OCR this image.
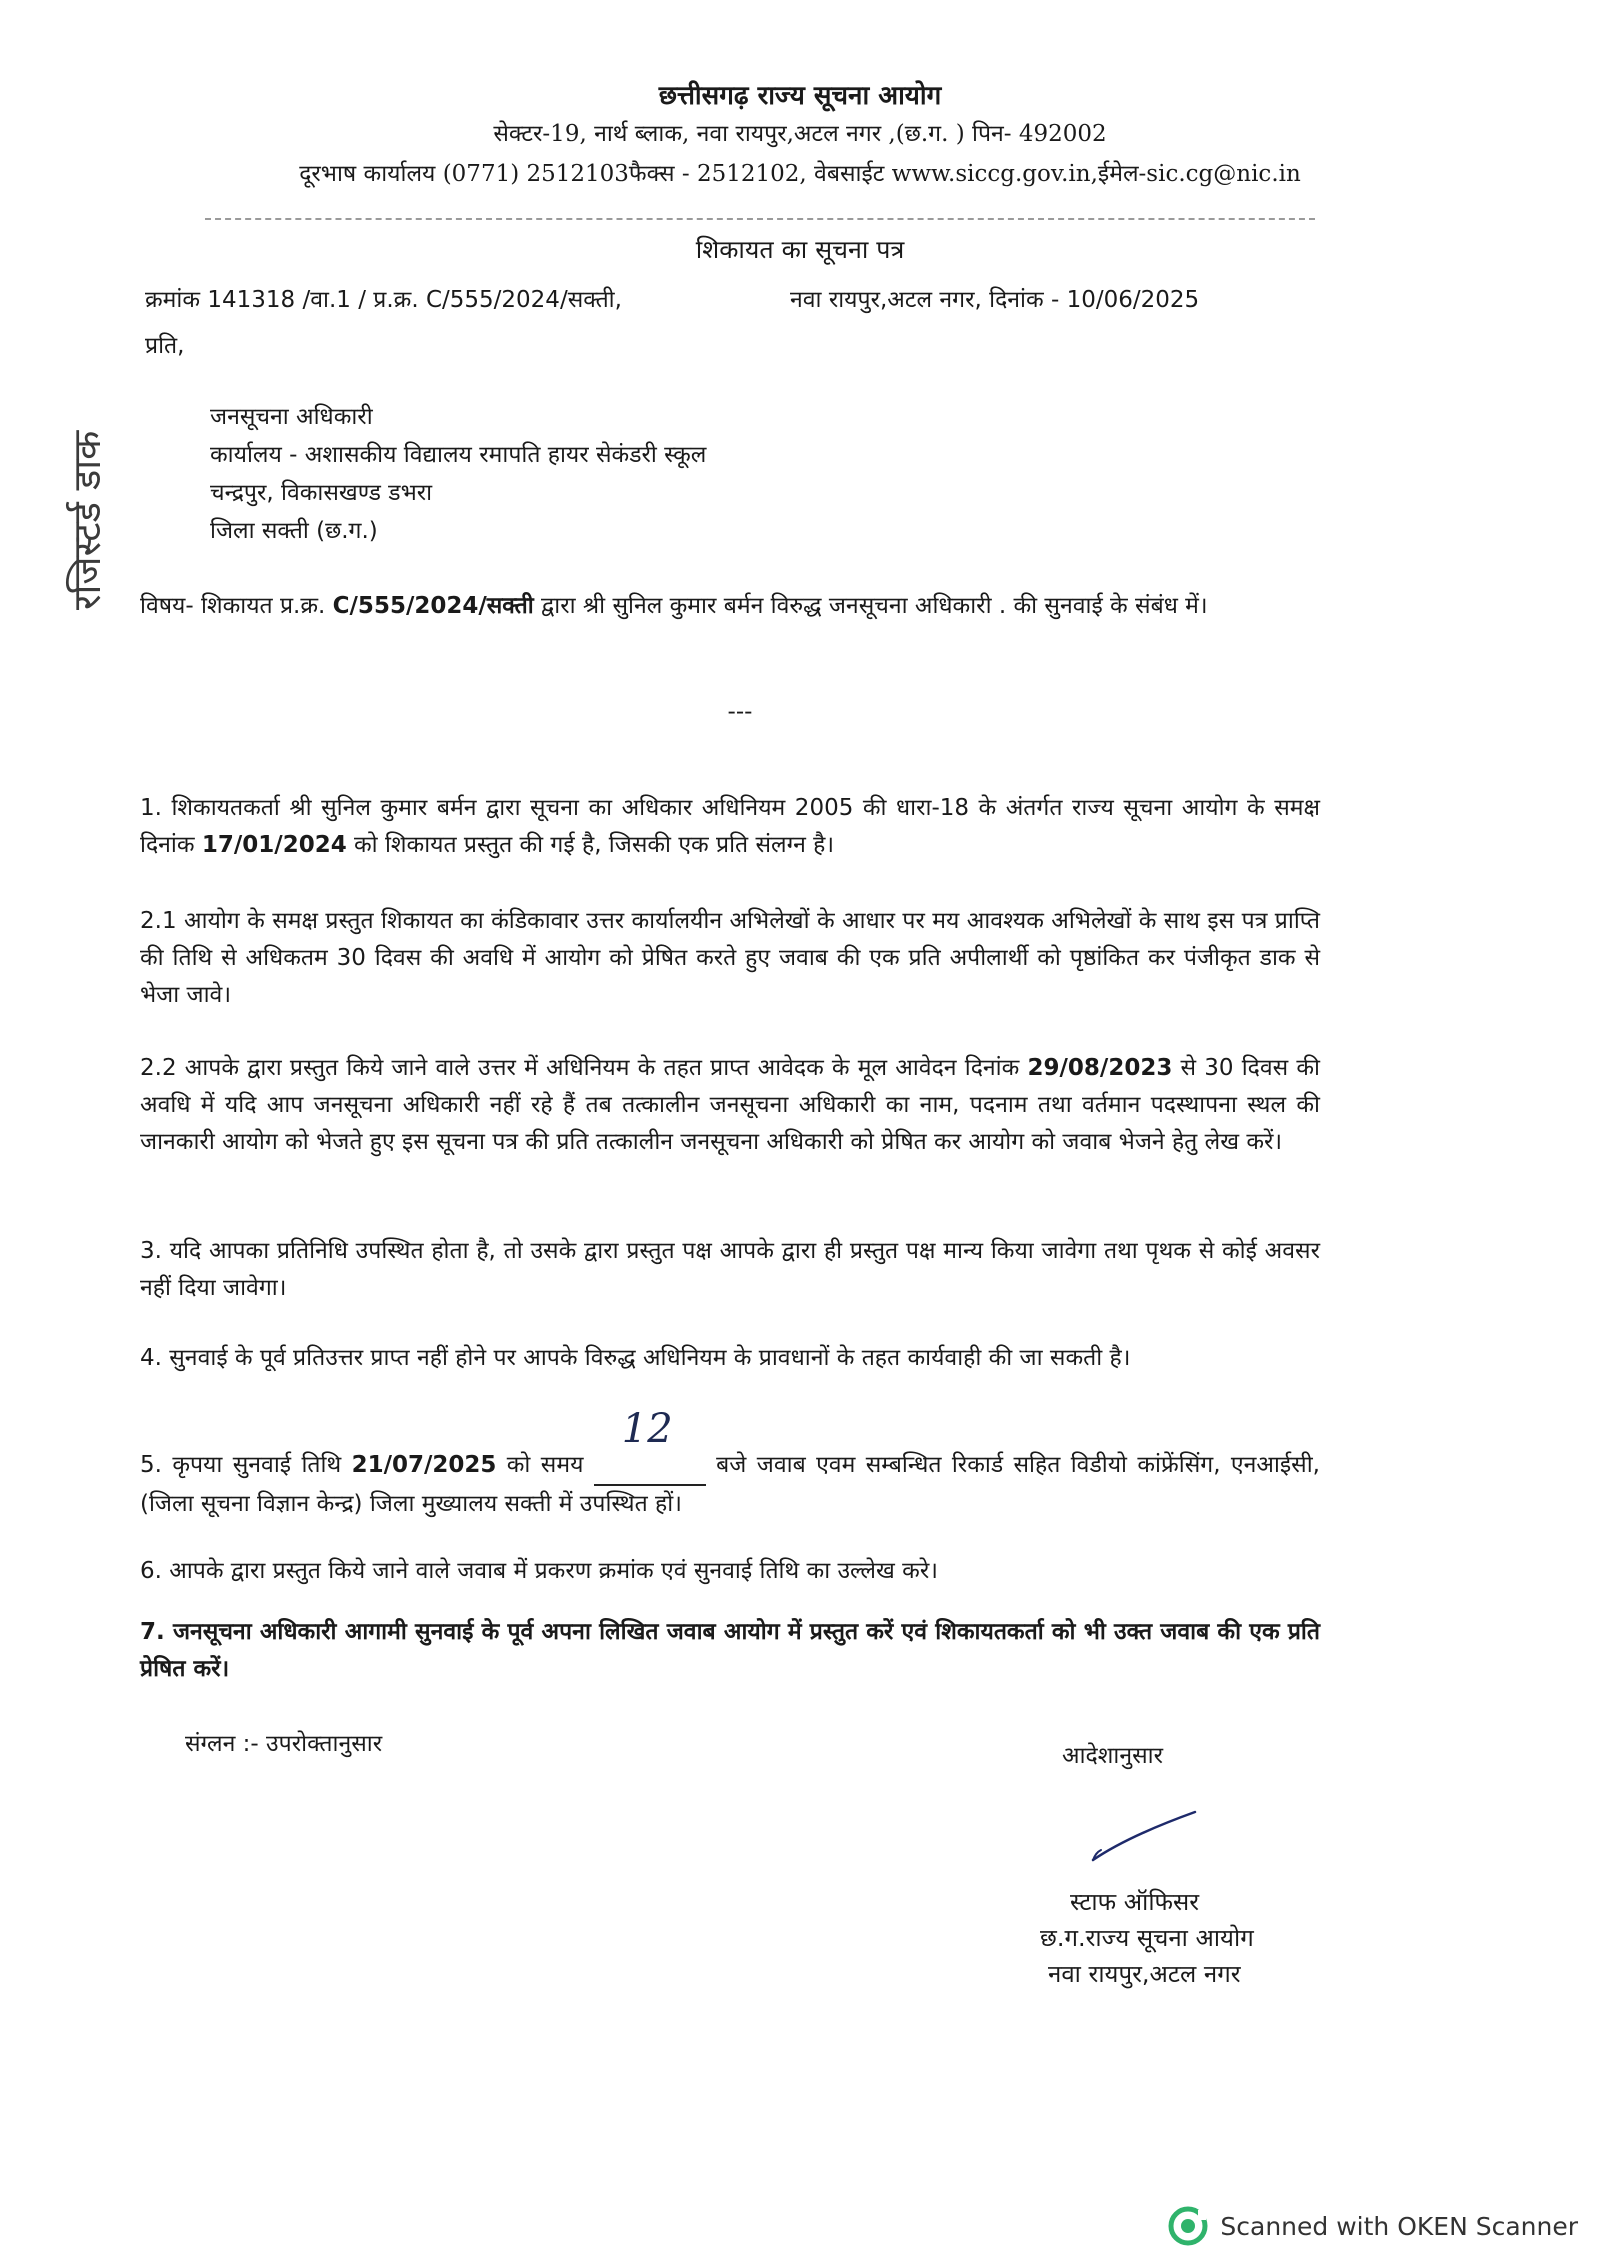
छत्तीसगढ़ राज्य सूचना आयोग
सेक्टर-19, नार्थ ब्लाक, नवा रायपुर,अटल नगर ,(छ.ग. ) पिन- 492002
दूरभाष कार्यालय (0771) 2512103फैक्स - 2512102, वेबसाईट www.siccg.gov.in,ईमेल-sic.cg@nic.in
शिकायत का सूचना पत्र
क्रमांक 141318 /वा.1 / प्र.क्र. C/555/2024/सक्ती,	नवा रायपुर,अटल नगर, दिनांक - 10/06/2025
प्रति,
जनसूचना अधिकारी
कार्यालय - अशासकीय विद्यालय रमापति हायर सेकंडरी स्कूल
चन्द्रपुर, विकासखण्ड डभरा
जिला सक्ती (छ.ग.)
रजिस्टर्ड डाक विषय- शिकायत प्र.क्र. C/555/2024/सक्ती द्वारा श्री सुनिल कुमार बर्मन विरुद्ध जनसूचना अधिकारी . की सुनवाई के संबंध में।
---
1. शिकायतकर्ता श्री सुनिल कुमार बर्मन द्वारा सूचना का अधिकार अधिनियम 2005 की धारा-18 के अंतर्गत राज्य सूचना आयोग के समक्ष दिनांक 17/01/2024 को शिकायत प्रस्तुत की गई है, जिसकी एक प्रति संलग्न है।
2.1 आयोग के समक्ष प्रस्तुत शिकायत का कंडिकावार उत्तर कार्यालयीन अभिलेखों के आधार पर मय आवश्यक अभिलेखों के साथ इस पत्र प्राप्ति की तिथि से अधिकतम 30 दिवस की अवधि में आयोग को प्रेषित करते हुए जवाब की एक प्रति अपीलार्थी को पृष्ठांकित कर पंजीकृत डाक से भेजा जावे।
2.2 आपके द्वारा प्रस्तुत किये जाने वाले उत्तर में अधिनियम के तहत प्राप्त आवेदक के मूल आवेदन दिनांक 29/08/2023 से 30 दिवस की अवधि में यदि आप जनसूचना अधिकारी नहीं रहे हैं तब तत्कालीन जनसूचना अधिकारी का नाम, पदनाम तथा वर्तमान पदस्थापना स्थल की जानकारी आयोग को भेजते हुए इस सूचना पत्र की प्रति तत्कालीन जनसूचना अधिकारी को प्रेषित कर आयोग को जवाब भेजने हेतु लेख करें।
3. यदि आपका प्रतिनिधि उपस्थित होता है, तो उसके द्वारा प्रस्तुत पक्ष आपके द्वारा ही प्रस्तुत पक्ष मान्य किया जावेगा तथा पृथक से कोई अवसर नहीं दिया जावेगा।
4. सुनवाई के पूर्व प्रतिउत्तर प्राप्त नहीं होने पर आपके विरुद्ध अधिनियम के प्रावधानों के तहत कार्यवाही की जा सकती है।
5. कृपया सुनवाई तिथि 21/07/2025 को समय
12
बजे जवाब एवम सम्बन्धित रिकार्ड सहित विडीयो कांफ्रेंसिंग, एनआईसी,(जिला सूचना विज्ञान केन्द्र) जिला मुख्यालय सक्ती में उपस्थित हों।
6. आपके द्वारा प्रस्तुत किये जाने वाले जवाब में प्रकरण क्रमांक एवं सुनवाई तिथि का उल्लेख करे।
7. जनसूचना अधिकारी आगामी सुनवाई के पूर्व अपना लिखित जवाब आयोग में प्रस्तुत करें एवं शिकायतकर्ता को भी उक्त जवाब की एक प्रति प्रेषित करें।
संग्लन :- उपरोक्तानुसार	आदेशानुसार
स्टाफ ऑफिसर
छ.ग.राज्य सूचना आयोग
नवा रायपुर,अटल नगर
Scanned with OKEN Scanner
